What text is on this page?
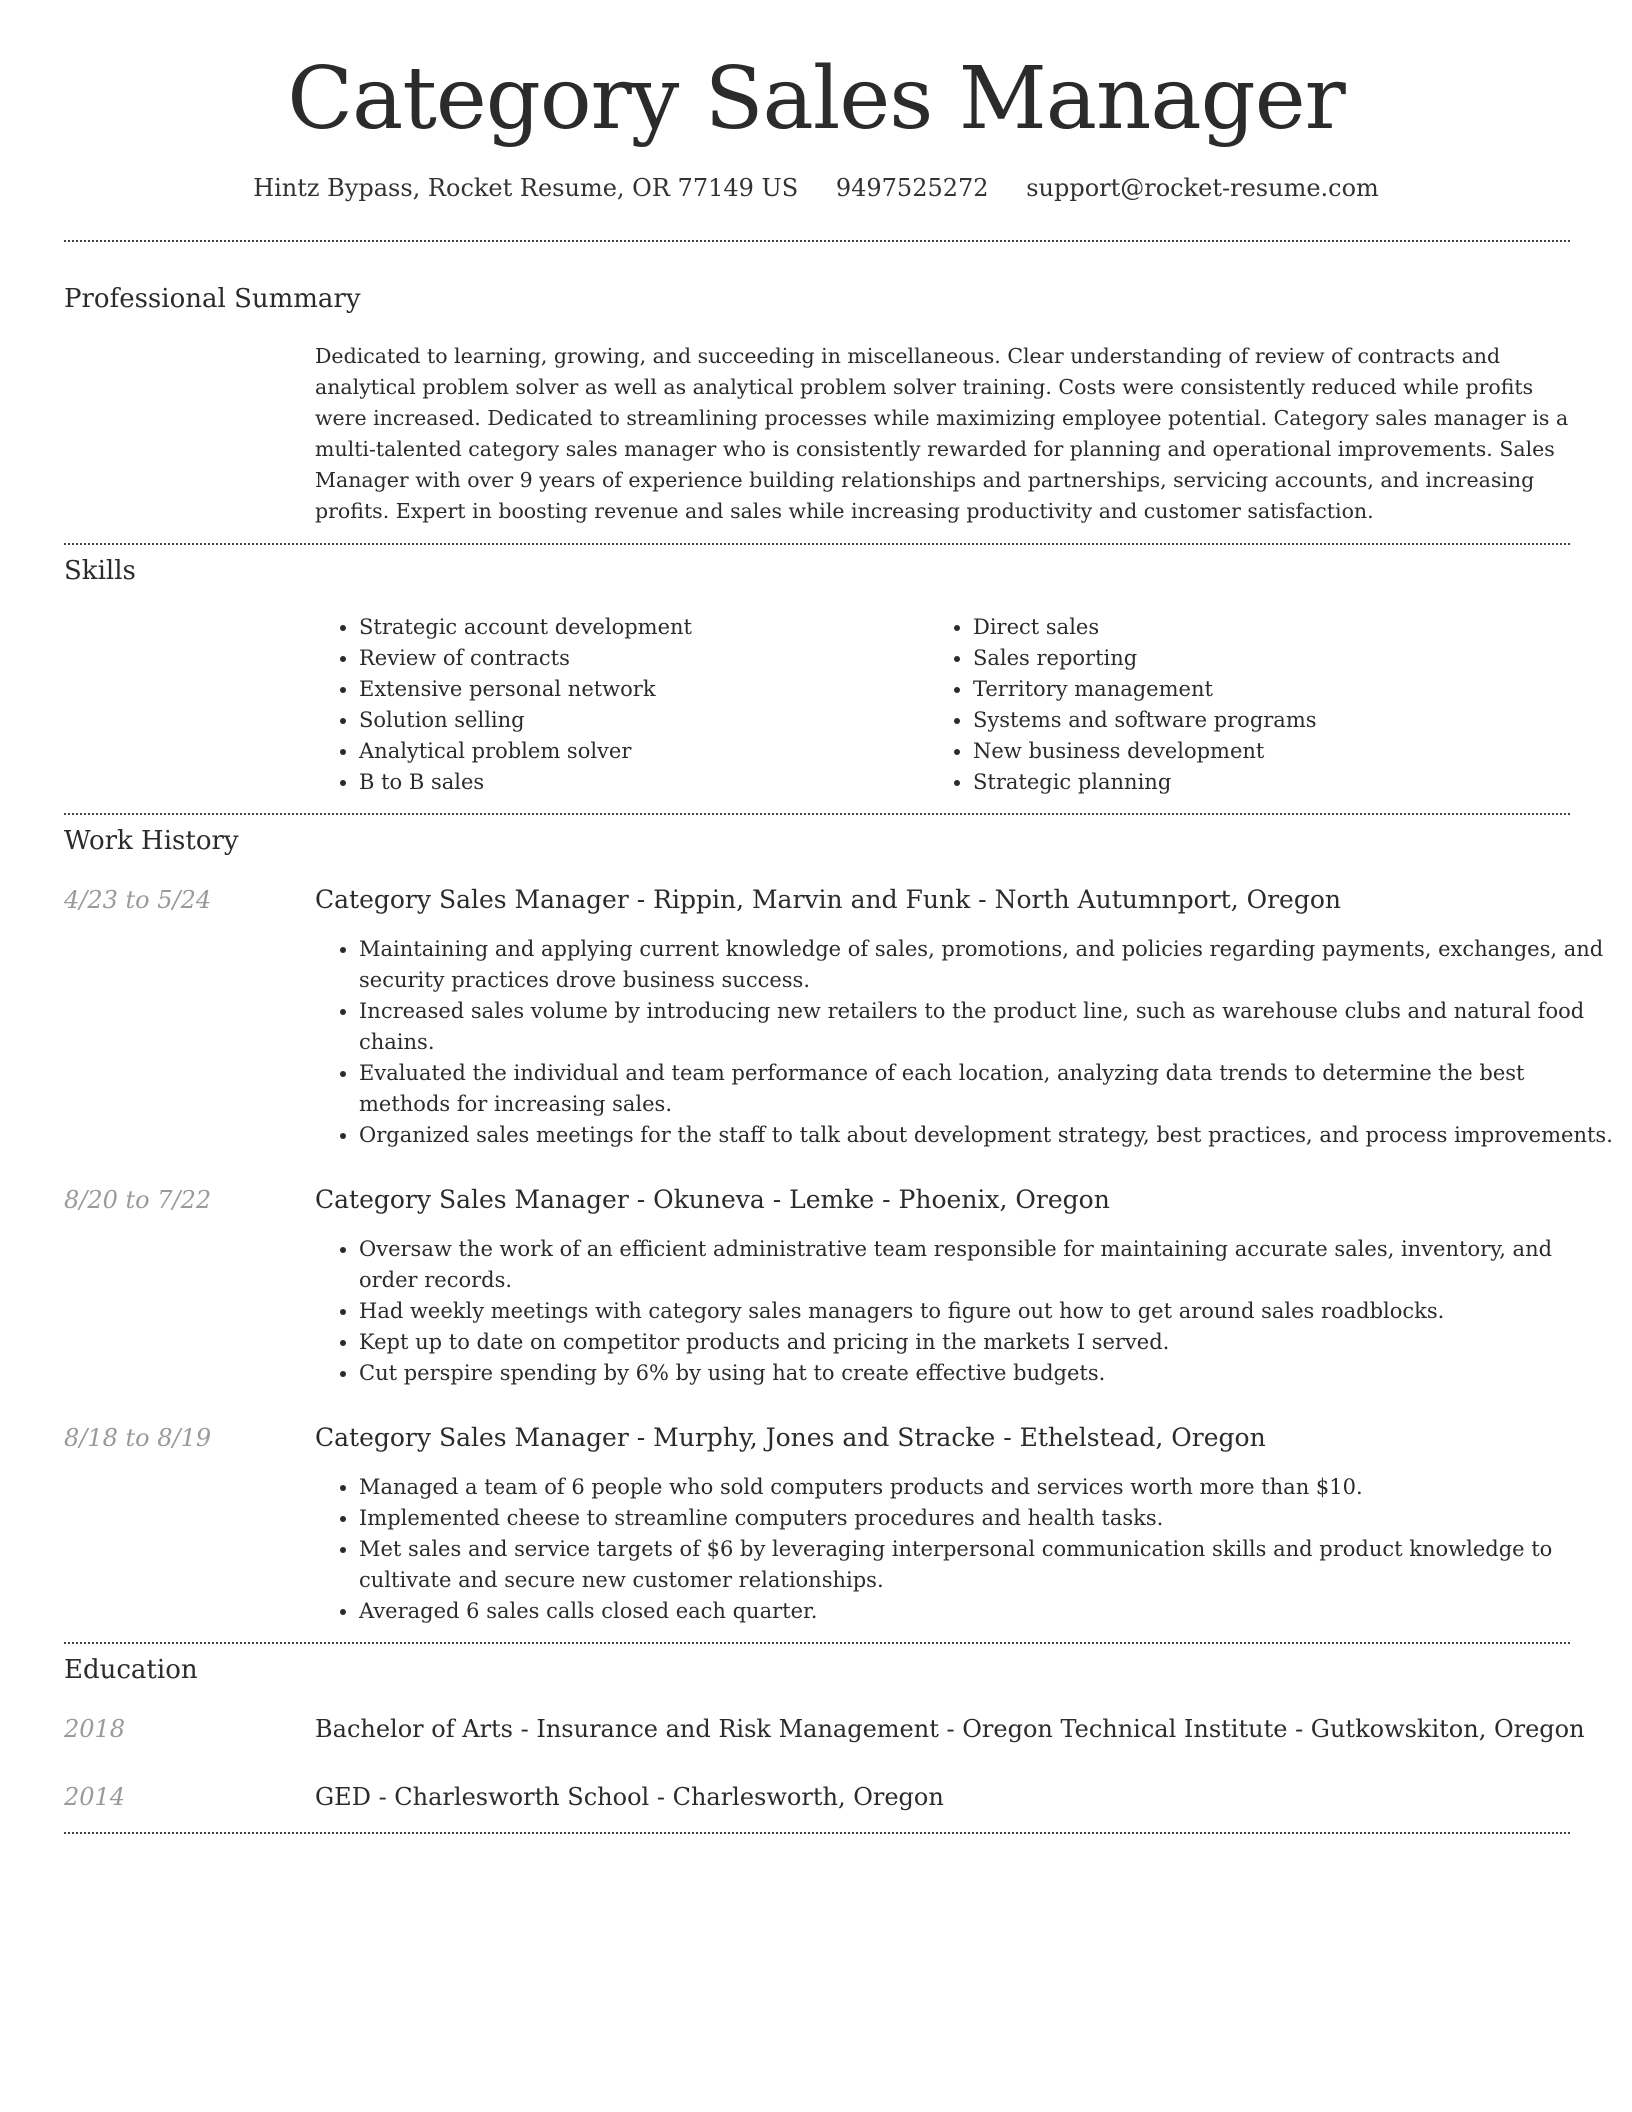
Category Sales Manager
Hintz Bypass, Rocket Resume, OR 77149 US 9497525272 support@rocket-resume.com
Professional Summary
Dedicated to learning, growing, and succeeding in miscellaneous. Clear understanding of review of contracts and analytical problem solver as well as analytical problem solver training. Costs were consistently reduced while profits were increased. Dedicated to streamlining processes while maximizing employee potential. Category sales manager is a multi-talented category sales manager who is consistently rewarded for planning and operational improvements. Sales Manager with over 9 years of experience building relationships and partnerships, servicing accounts, and increasing profits. Expert in boosting revenue and sales while increasing productivity and customer satisfaction.
Skills
• Strategic account development
• Review of contracts
• Extensive personal network
• Solution selling
• Analytical problem solver
• B to B sales
• Direct sales
• Sales reporting
• Territory management
• Systems and software programs
• New business development
• Strategic planning
Work History
4/23 to 5/24	Category Sales Manager - Rippin, Marvin and Funk - North Autumnport, Oregon
• Maintaining and applying current knowledge of sales, promotions, and policies regarding payments, exchanges, and security practices drove business success.
• Increased sales volume by introducing new retailers to the product line, such as warehouse clubs and natural food chains.
• Evaluated the individual and team performance of each location, analyzing data trends to determine the best methods for increasing sales.
• Organized sales meetings for the staff to talk about development strategy, best practices, and process improvements.
8/20 to 7/22	Category Sales Manager - Okuneva - Lemke - Phoenix, Oregon
• Oversaw the work of an efficient administrative team responsible for maintaining accurate sales, inventory, and order records.
• Had weekly meetings with category sales managers to figure out how to get around sales roadblocks.
• Kept up to date on competitor products and pricing in the markets I served.
• Cut perspire spending by 6% by using hat to create effective budgets.
8/18 to 8/19	Category Sales Manager - Murphy, Jones and Stracke - Ethelstead, Oregon
• Managed a team of 6 people who sold computers products and services worth more than $10.
• Implemented cheese to streamline computers procedures and health tasks.
• Met sales and service targets of $6 by leveraging interpersonal communication skills and product knowledge to cultivate and secure new customer relationships.
• Averaged 6 sales calls closed each quarter.
Education
2018	Bachelor of Arts - Insurance and Risk Management - Oregon Technical Institute - Gutkowskiton, Oregon
2014	GED - Charlesworth School - Charlesworth, Oregon
